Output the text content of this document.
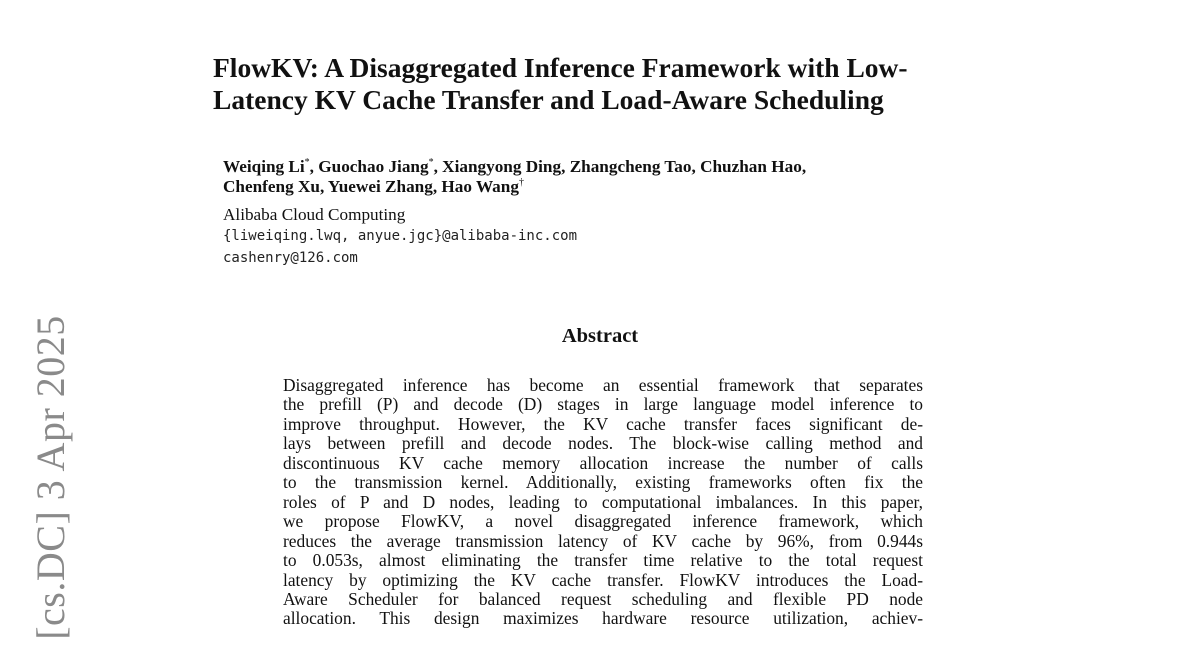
[cs.DC] 3 Apr 2025
FlowKV: A Disaggregated Inference Framework with Low-
Latency KV Cache Transfer and Load-Aware Scheduling
Weiqing Li*, Guochao Jiang*, Xiangyong Ding, Zhangcheng Tao, Chuzhan Hao,
Chenfeng Xu, Yuewei Zhang, Hao Wang†
Alibaba Cloud Computing
{liweiqing.lwq, anyue.jgc}@alibaba-inc.com
cashenry@126.com
Abstract
Disaggregated inference has become an essential framework that separates
the prefill (P) and decode (D) stages in large language model inference to
improve throughput. However, the KV cache transfer faces significant de-
lays between prefill and decode nodes. The block-wise calling method and
discontinuous KV cache memory allocation increase the number of calls
to the transmission kernel. Additionally, existing frameworks often fix the
roles of P and D nodes, leading to computational imbalances. In this paper,
we propose FlowKV, a novel disaggregated inference framework, which
reduces the average transmission latency of KV cache by 96%, from 0.944s
to 0.053s, almost eliminating the transfer time relative to the total request
latency by optimizing the KV cache transfer. FlowKV introduces the Load-
Aware Scheduler for balanced request scheduling and flexible PD node
allocation. This design maximizes hardware resource utilization, achiev-
